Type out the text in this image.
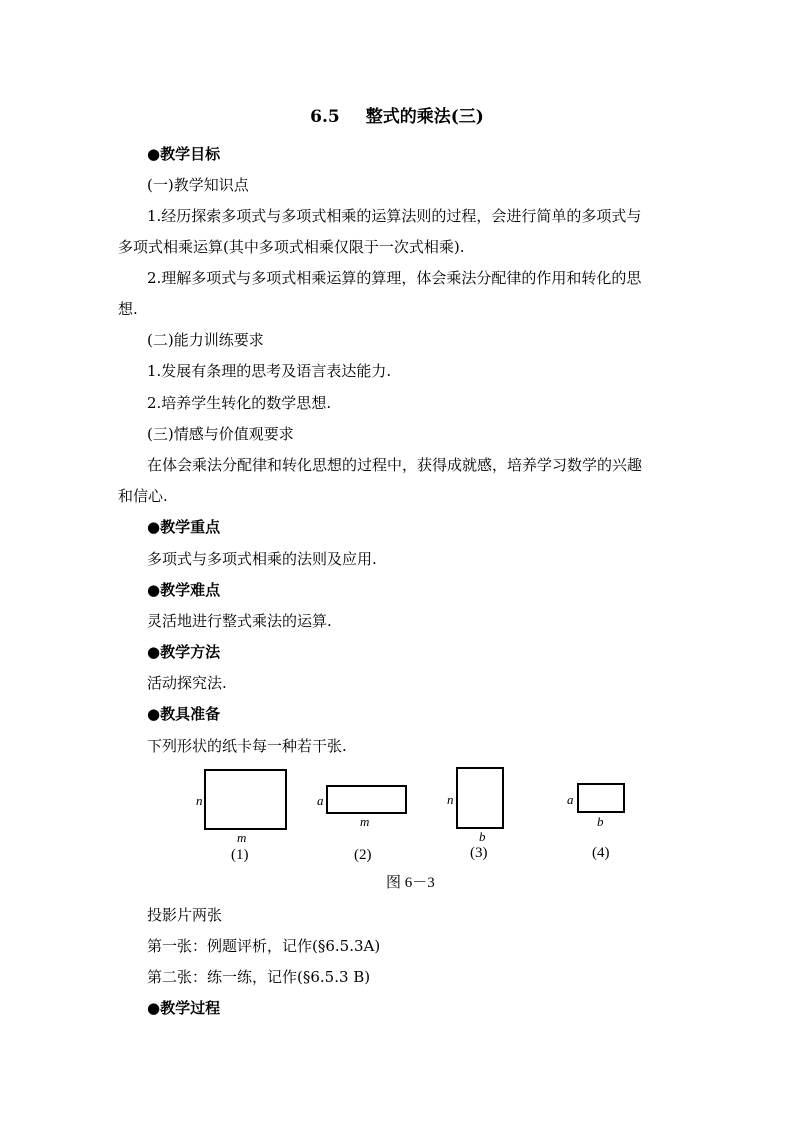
6.5 整式的乘法(三)
●教学目标
(一)教学知识点
1.经历探索多项式与多项式相乘的运算法则的过程，会进行简单的多项式与
多项式相乘运算(其中多项式相乘仅限于一次式相乘).
2.理解多项式与多项式相乘运算的算理，体会乘法分配律的作用和转化的思
想.
(二)能力训练要求
1.发展有条理的思考及语言表达能力.
2.培养学生转化的数学思想.
(三)情感与价值观要求
在体会乘法分配律和转化思想的过程中，获得成就感，培养学习数学的兴趣
和信心.
●教学重点
多项式与多项式相乘的法则及应用.
●教学难点
灵活地进行整式乘法的运算.
●教学方法
活动探究法.
●教具准备
下列形状的纸卡每一种若干张.
n
m
(1)
a
m
(2)
n
b
(3)
a
b
(4)
图 6－3
投影片两张
第一张：例题评析，记作(§6.5.3A)
第二张：练一练，记作(§6.5.3 B)
●教学过程
